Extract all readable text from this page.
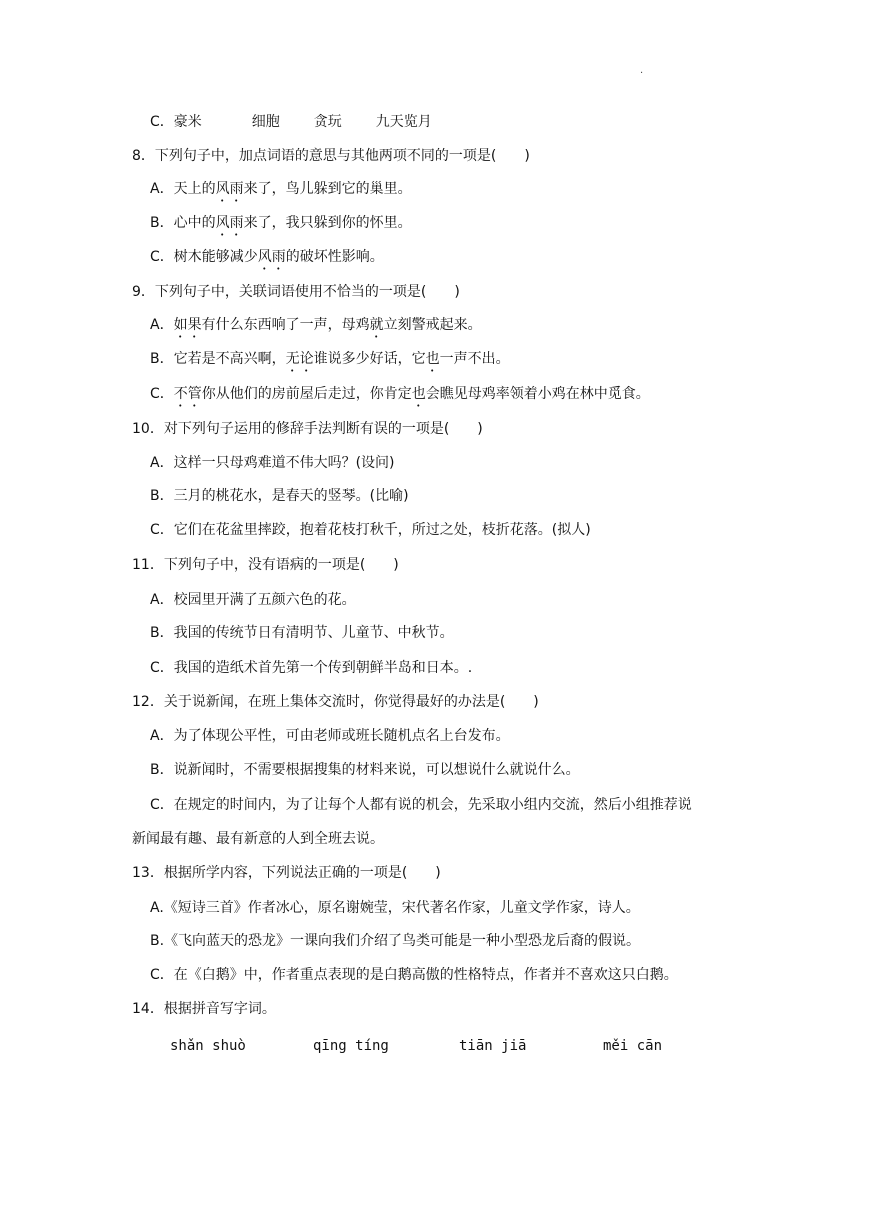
·
C．豪米	细胞 贪玩 九天览月
8．下列句子中，加点词语的意思与其他两项不同的一项是(　　)
A．天上的风雨来了，鸟儿躲到它的巢里。
B．心中的风雨来了，我只躲到你的怀里。
C．树木能够减少风雨的破坏性影响。
9．下列句子中，关联词语使用不恰当的一项是(　　)
A．如果有什么东西响了一声，母鸡就立刻警戒起来。
B．它若是不高兴啊，无论谁说多少好话，它也一声不出。
C．不管你从他们的房前屋后走过，你肯定也会瞧见母鸡率领着小鸡在林中觅食。
10．对下列句子运用的修辞手法判断有误的一项是(　　)
A．这样一只母鸡难道不伟大吗？(设问)
B．三月的桃花水，是春天的竖琴。(比喻)
C．它们在花盆里摔跤，抱着花枝打秋千，所过之处，枝折花落。(拟人)
11．下列句子中，没有语病的一项是(　　)
A．校园里开满了五颜六色的花。
B．我国的传统节日有清明节、儿童节、中秋节。
C．我国的造纸术首先第一个传到朝鲜半岛和日本。.
12．关于说新闻，在班上集体交流时，你觉得最好的办法是(　　)
A．为了体现公平性，可由老师或班长随机点名上台发布。
B．说新闻时，不需要根据搜集的材料来说，可以想说什么就说什么。
C．在规定的时间内，为了让每个人都有说的机会，先采取小组内交流，然后小组推荐说
新闻最有趣、最有新意的人到全班去说。
13．根据所学内容，下列说法正确的一项是(　　)
A.《短诗三首》作者冰心，原名谢婉莹，宋代著名作家，儿童文学作家，诗人。
B.《飞向蓝天的恐龙》一课向我们介绍了鸟类可能是一种小型恐龙后裔的假说。
C．在《白鹅》中，作者重点表现的是白鹅高傲的性格特点，作者并不喜欢这只白鹅。
14．根据拼音写字词。
shǎn shuò	qīng tíng	tiān jiā	měi cān
